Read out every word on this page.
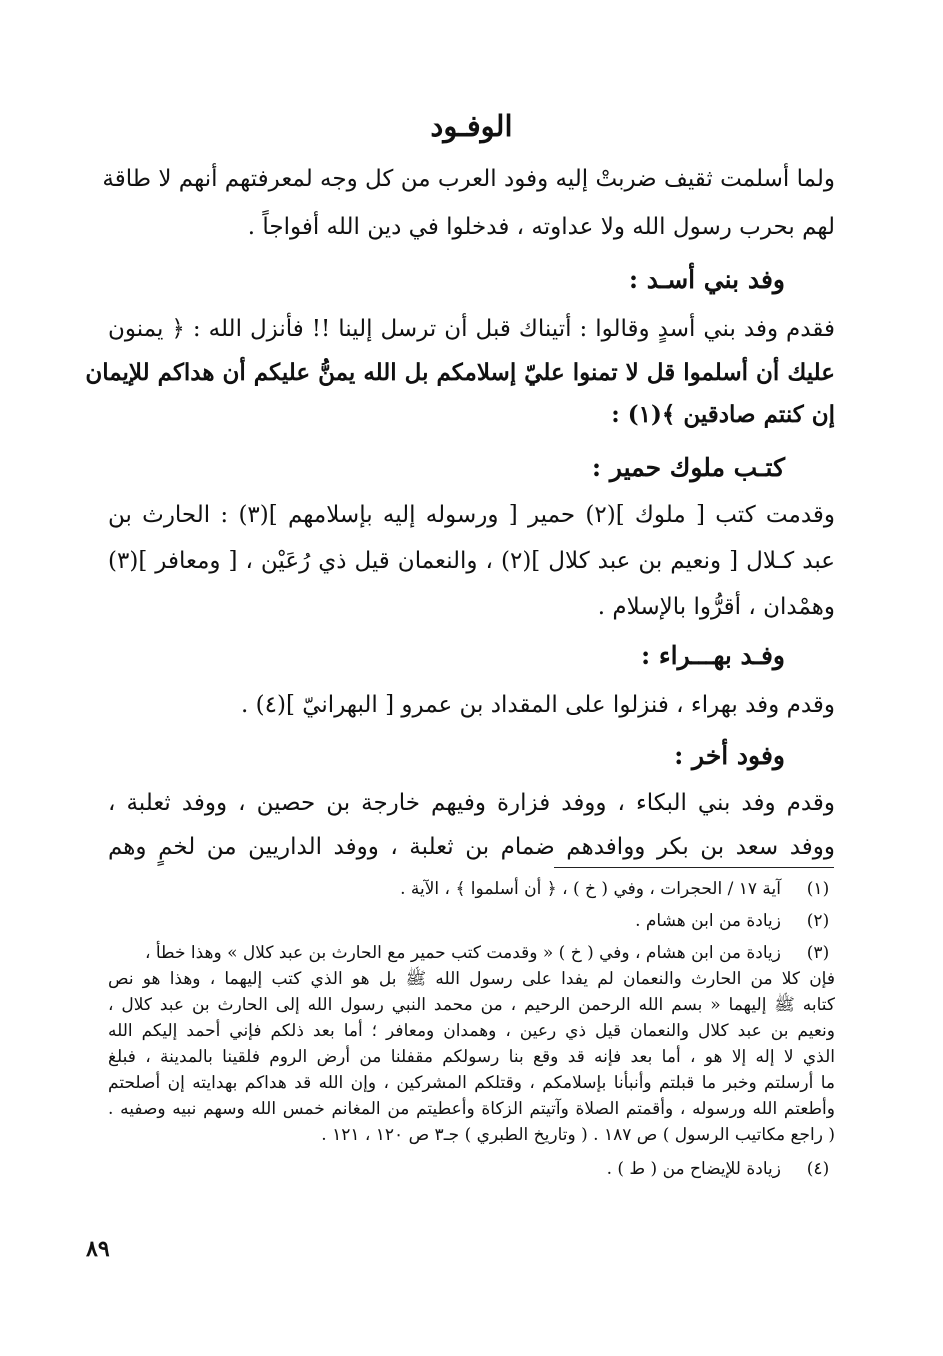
الوفـود
ولما أسلمت ثقيف ضربتْ إليه وفود العرب من كل وجه لمعرفتهم أنهم لا طاقة
لهم بحرب رسول الله ولا عداوته ، فدخلوا في دين الله أفواجاً .
وفد بني أسـد :
فقدم وفد بني أسدٍ وقالوا : أتيناك قبل أن ترسل إلينا !! فأنزل الله : ﴿ يمنون
عليك أن أسلموا قل لا تمنوا عليّ إسلامكم بل الله يمنُّ عليكم أن هداكم للإيمان
إن كنتم صادقين ﴾(١) :
كتـب ملوك حمير :
وقدمت كتب [ ملوك ](٢) حمير [ ورسوله إليه بإسلامهم ](٣) : الحارث بن
عبد كـلال [ ونعيم بن عبد كلال ](٢) ، والنعمان قيل ذي رُعَيْن ، [ ومعافر ](٣)
وهمْدان ، أقرُّوا بالإسلام .
وفـد بهـــراء :
وقدم وفد بهراء ، فنزلوا على المقداد بن عمرو [ البهرانيّ ](٤) .
وفود أخر :
وقدم وفد بني البكاء ، ووفد فزارة وفيهم خارجة بن حصين ، ووفد ثعلبة ،
ووفد سعد بن بكر ووافدهم ضمام بن ثعلبة ، ووفد الداريين من لخمٍ وهم
(١)
آية ١٧ / الحجرات ، وفي ( خ ) ، ﴿ أن أسلموا ﴾ ، الآية .
(٢)
زيادة من ابن هشام .
(٣)
زيادة من ابن هشام ، وفي ( خ ) « وقدمت كتب حمير مع الحارث بن عبد كلال » وهذا خطأ ،
فإن كلا من الحارث والنعمان لم يفدا على رسول الله ﷺ بل هو الذي كتب إليهما ، وهذا هو نص
كتابه ﷺ إليهما « بسم الله الرحمن الرحيم ، من محمد النبي رسول الله إلى الحارث بن عبد كلال ،
ونعيم بن عبد كلال والنعمان قيل ذي رعين ، وهمدان ومعافر ؛ أما بعد ذلكم فإني أحمد إليكم الله
الذي لا إله إلا هو ، أما بعد فإنه قد وقع بنا رسولكم مقفلنا من أرض الروم فلقينا بالمدينة ، فبلغ
ما أرسلتم وخبر ما قبلتم وأنبأنا بإسلامكم ، وقتلكم المشركين ، وإن الله قد هداكم بهدايته إن أصلحتم
وأطعتم الله ورسوله ، وأقمتم الصلاة وآتيتم الزكاة وأعطيتم من المغانم خمس الله وسهم نبيه وصفيه .
( راجع مكاتيب الرسول ) ص ١٨٧ . ( وتاريخ الطبري ) جـ٣ ص ١٢٠ ، ١٢١ .
(٤)
زيادة للإيضاح من ( ط ) .
٨٩
